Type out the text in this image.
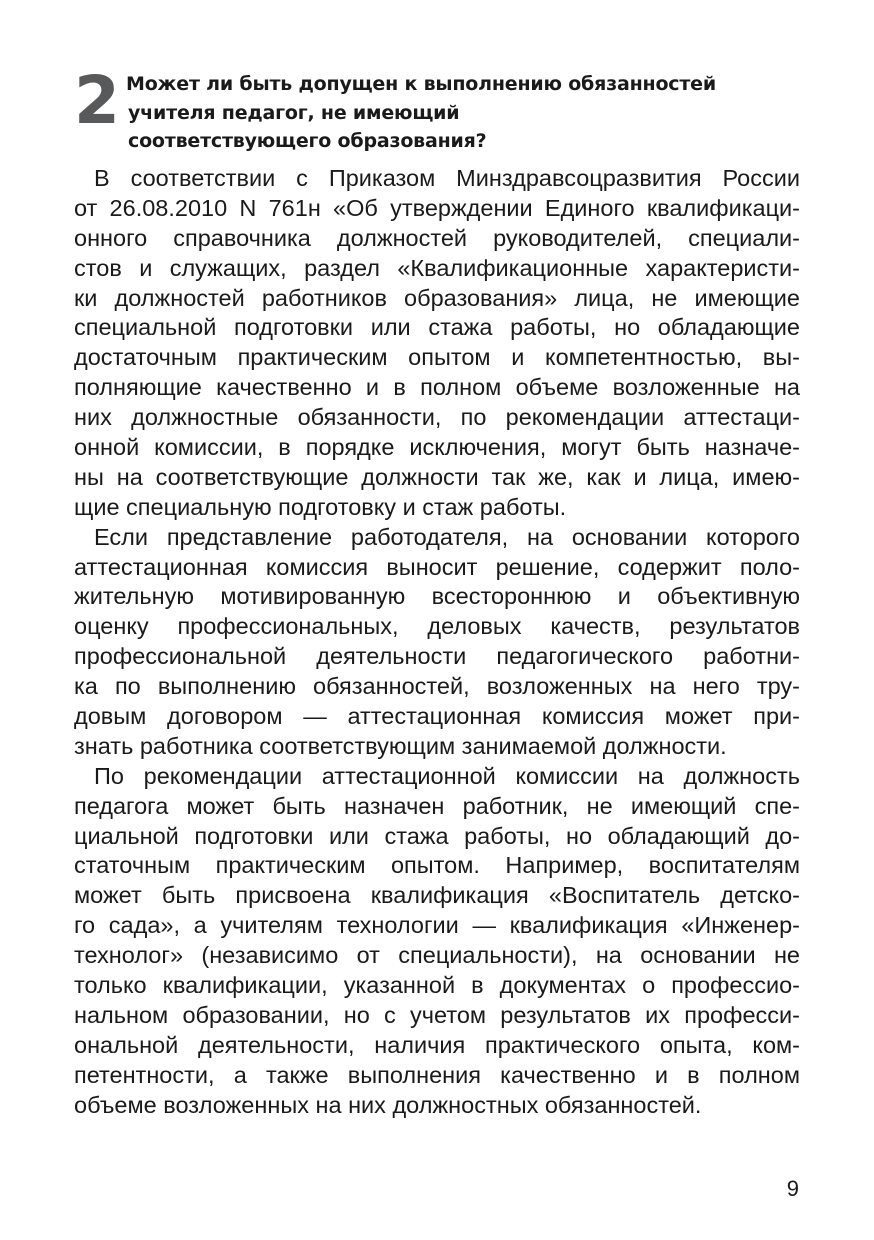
2 Может ли быть допущен к выполнению обязанностей
учителя педагог, не имеющий
соответствующего образования?

В соответствии с Приказом Минздравсоцразвития России
от 26.08.2010 N 761н «Об утверждении Единого квалификаци-
онного справочника должностей руководителей, специали-
стов и служащих, раздел «Квалификационные характеристи-
ки должностей работников образования» лица, не имеющие
специальной подготовки или стажа работы, но обладающие
достаточным практическим опытом и компетентностью, вы-
полняющие качественно и в полном объеме возложенные на
них должностные обязанности, по рекомендации аттестаци-
онной комиссии, в порядке исключения, могут быть назначе-
ны на соответствующие должности так же, как и лица, имею-
щие специальную подготовку и стаж работы.

Если представление работодателя, на основании которого
аттестационная комиссия выносит решение, содержит поло-
жительную мотивированную всестороннюю и объективную
оценку профессиональных, деловых качеств, результатов
профессиональной деятельности педагогического работни-
ка по выполнению обязанностей, возложенных на него тру-
довым договором — аттестационная комиссия может при-
знать работника соответствующим занимаемой должности.

По рекомендации аттестационной комиссии на должность
педагога может быть назначен работник, не имеющий спе-
циальной подготовки или стажа работы, но обладающий до-
статочным практическим опытом. Например, воспитателям
может быть присвоена квалификация «Воспитатель детско-
го сада», а учителям технологии — квалификация «Инженер-
технолог» (независимо от специальности), на основании не
только квалификации, указанной в документах о профессио-
нальном образовании, но с учетом результатов их професси-
ональной деятельности, наличия практического опыта, ком-
петентности, а также выполнения качественно и в полном
объеме возложенных на них должностных обязанностей.

9
